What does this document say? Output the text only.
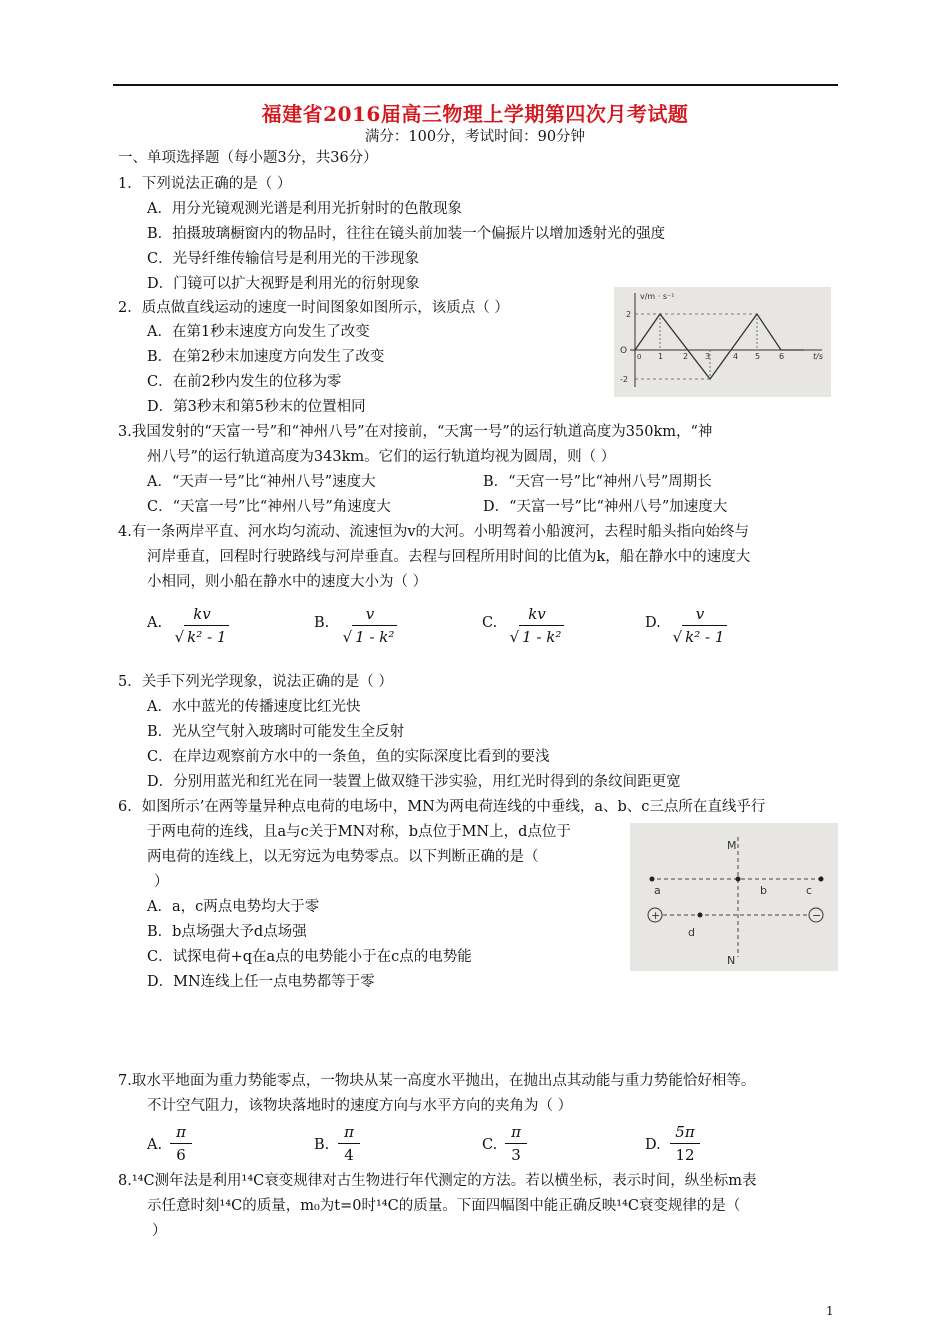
福建省2016届高三物理上学期第四次月考试题
满分：100分，考试时间：90分钟
一、单项选择题（每小题3分，共36分）
1．下列说法正确的是（ ）
A．用分光镜观测光谱是利用光折射时的色散现象
B．拍摄玻璃橱窗内的物品时，往往在镜头前加装一个偏振片以增加透射光的强度
C．光导纤维传输信号是利用光的干涉现象
D．门镜可以扩大视野是利用光的衍射现象
2．质点做直线运动的速度一时间图象如图所示，该质点（ ）
A．在第1秒末速度方向发生了改变
B．在第2秒末加速度方向发生了改变
C．在前2秒内发生的位移为零
D．第3秒末和第5秒末的位置相同
v/m · s⁻¹
t/s
O
2
-2
0 1 2 3	4 5 6
3.我国发射的“天富一号”和“神州八号”在对接前，“天寓一号”的运行轨道高度为350km，“神
州八号”的运行轨道高度为343km。它们的运行轨道均视为圆周，则（ ）
A．“天声一号”比“神州八号”速度大	B．“天宫一号”比“神州八号”周期长
C．“天富一号”比“神州八号”角速度大	D．“天富一号”比“神州八号”加速度大
4.有一条两岸平直、河水均匀流动、流速恒为v的大河。小明驾着小船渡河，去程时船头指向始终与
河岸垂直，回程时行驶路线与河岸垂直。去程与回程所用时间的比值为k，船在静水中的速度大
小相同，则小船在静水中的速度大小为（ ）
A.	kv
√ k² - 1
B.	v
√ 1 - k²
C.	kv
√ 1 - k²
D.	v
√ k² - 1
5．关手下列光学现象，说法正确的是（ ）
A．水中蓝光的传播速度比红光快
B．光从空气射入玻璃时可能发生全反射
C．在岸边观察前方水中的一条鱼，鱼的实际深度比看到的要浅
D．分别用蓝光和红光在同一装置上做双缝干涉实验，用红光时得到的条纹间距更宽
6．如图所示’在两等量异种点电荷的电场中，MN为两电荷连线的中垂线，a、b、c三点所在直线乎行
于两电荷的连线，且a与c关于MN对称，b点位于MN上，d点位于
两电荷的连线上，以无穷远为电势零点。以下判断正确的是（
）
A．a，c两点电势均大于零
B．b点场强大予d点场强
C．试探电荷+q在a点的电势能小于在c点的电势能
D．MN连线上任一点电势都等于零
+	−
M
N
a	b	c
d
7.取水平地面为重力势能零点，一物块从某一高度水平抛出，在抛出点其动能与重力势能恰好相等。
不计空气阻力，该物块落地时的速度方向与水平方向的夹角为（ ）
A.
π
6
B.
π
4
C.
π
3
D.
5π
12
8.¹⁴C测年法是利用¹⁴C衰变规律对古生物进行年代测定的方法。若以横坐标，表示时间，纵坐标m表
示任意时刻¹⁴C的质量，m₀为t=0时¹⁴C的质量。下面四幅图中能正确反映¹⁴C衰变规律的是（
）
1
